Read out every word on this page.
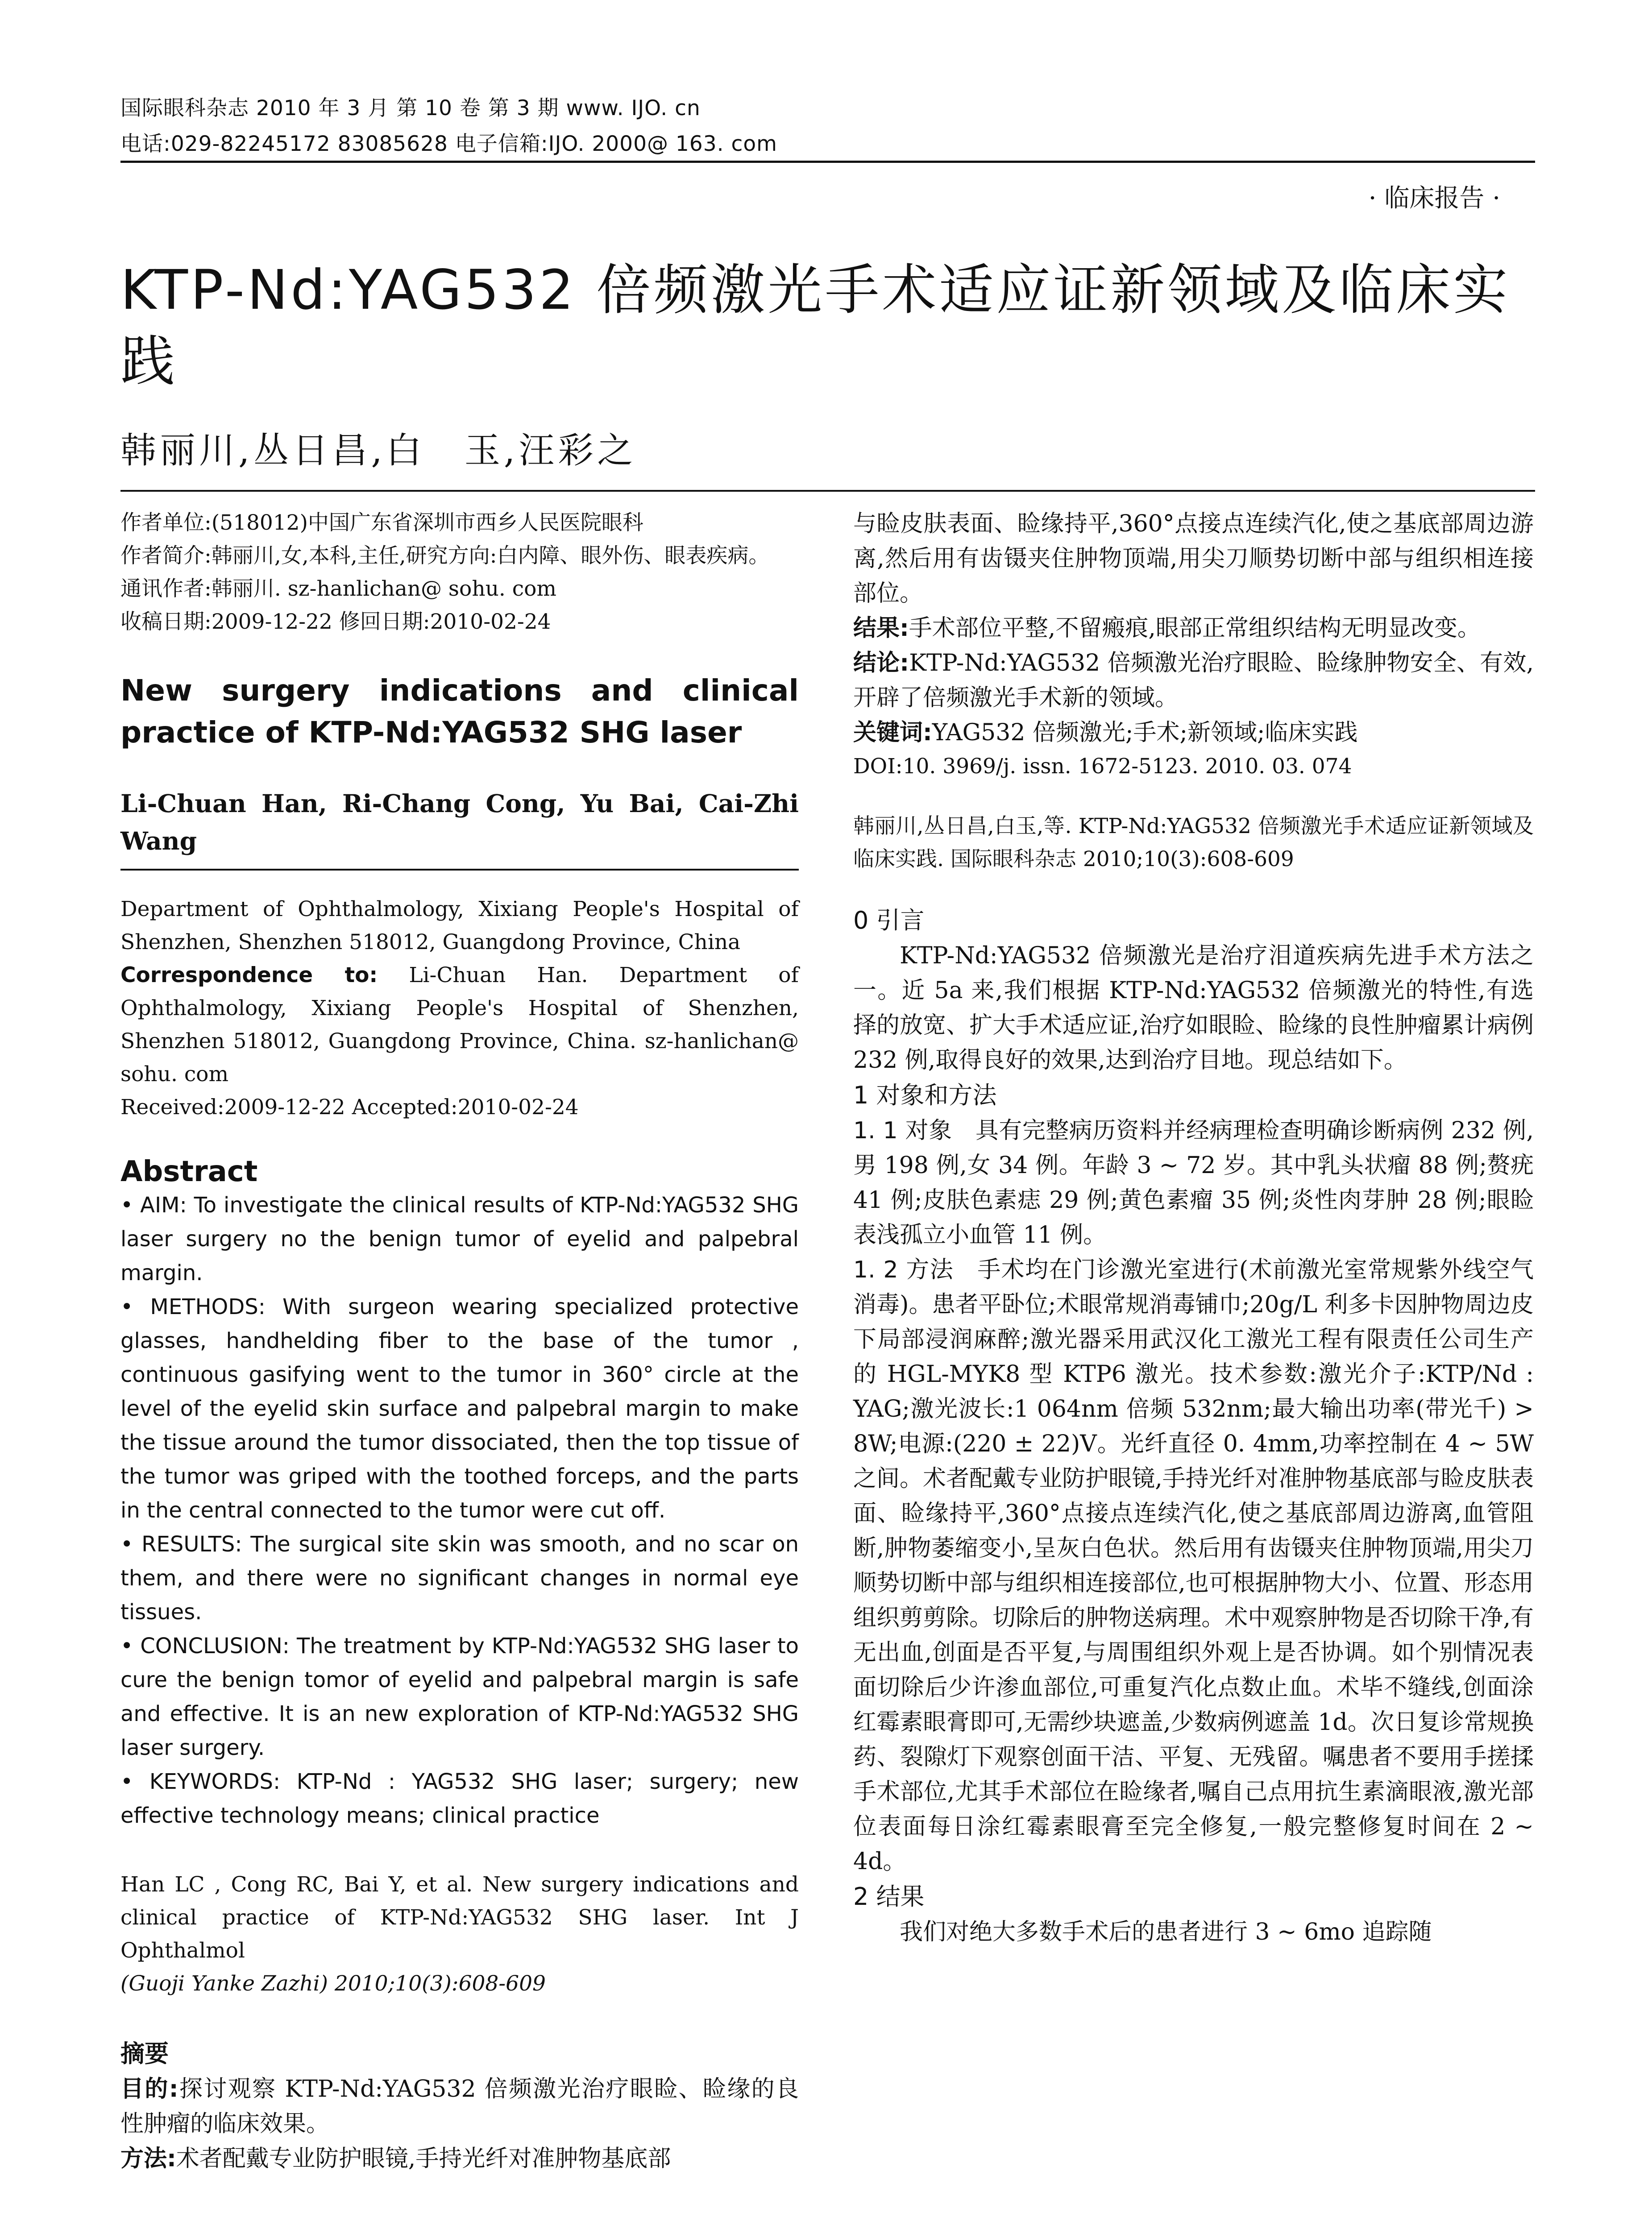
国际眼科杂志 2010 年 3 月 第 10 卷 第 3 期 www. IJO. cn
电话:029-82245172 83085628 电子信箱:IJO. 2000@ 163. com
· 临床报告 ·
KTP-Nd:YAG532 倍频激光手术适应证新领域及临床实践
韩丽川,丛日昌,白　玉,汪彩之

作者单位:(518012)中国广东省深圳市西乡人民医院眼科

作者简介:韩丽川,女,本科,主任,研究方向:白内障、眼外伤、眼表疾病。

通讯作者:韩丽川. sz-hanlichan@ sohu. com

收稿日期:2009-12-22 修回日期:2010-02-24

New surgery indications and clinical practice of KTP-Nd:YAG532 SHG laser

Li-Chuan Han, Ri-Chang Cong, Yu Bai, Cai-Zhi Wang

Department of Ophthalmology, Xixiang People's Hospital of Shenzhen, Shenzhen 518012, Guangdong Province, China

Correspondence to: Li-Chuan Han. Department of Ophthalmology, Xixiang People's Hospital of Shenzhen, Shenzhen 518012, Guangdong Province, China. sz-hanlichan@ sohu. com

Received:2009-12-22 Accepted:2010-02-24

Abstract

• AIM: To investigate the clinical results of KTP-Nd:YAG532 SHG laser surgery no the benign tumor of eyelid and palpebral margin.

• METHODS: With surgeon wearing specialized protective glasses, handhelding fiber to the base of the tumor , continuous gasifying went to the tumor in 360° circle at the level of the eyelid skin surface and palpebral margin to make the tissue around the tumor dissociated, then the top tissue of the tumor was griped with the toothed forceps, and the parts in the central connected to the tumor were cut off.

• RESULTS: The surgical site skin was smooth, and no scar on them, and there were no significant changes in normal eye tissues.

• CONCLUSION: The treatment by KTP-Nd:YAG532 SHG laser to cure the benign tomor of eyelid and palpebral margin is safe and effective. It is an new exploration of KTP-Nd:YAG532 SHG laser surgery.

• KEYWORDS: KTP-Nd : YAG532 SHG laser; surgery; new effective technology means; clinical practice

Han LC , Cong RC, Bai Y, et al. New surgery indications and clinical practice of KTP-Nd:YAG532 SHG laser. Int J Ophthalmol

(Guoji Yanke Zazhi) 2010;10(3):608-609

摘要

目的:探讨观察 KTP-Nd:YAG532 倍频激光治疗眼睑、睑缘的良性肿瘤的临床效果。

方法:术者配戴专业防护眼镜,手持光纤对准肿物基底部

与睑皮肤表面、睑缘持平,360°点接点连续汽化,使之基底部周边游离,然后用有齿镊夹住肿物顶端,用尖刀顺势切断中部与组织相连接部位。

结果:手术部位平整,不留瘢痕,眼部正常组织结构无明显改变。

结论:KTP-Nd:YAG532 倍频激光治疗眼睑、睑缘肿物安全、有效,开辟了倍频激光手术新的领域。

关键词:YAG532 倍频激光;手术;新领域;临床实践

DOI:10. 3969/j. issn. 1672-5123. 2010. 03. 074

韩丽川,丛日昌,白玉,等. KTP-Nd:YAG532 倍频激光手术适应证新领域及临床实践. 国际眼科杂志 2010;10(3):608-609

0 引言

KTP-Nd:YAG532 倍频激光是治疗泪道疾病先进手术方法之一。近 5a 来,我们根据 KTP-Nd:YAG532 倍频激光的特性,有选择的放宽、扩大手术适应证,治疗如眼睑、睑缘的良性肿瘤累计病例 232 例,取得良好的效果,达到治疗目地。现总结如下。

1 对象和方法

1. 1 对象　 具有完整病历资料并经病理检查明确诊断病例 232 例,男 198 例,女 34 例。年龄 3 ~ 72 岁。其中乳头状瘤 88 例;赘疣 41 例;皮肤色素痣 29 例;黄色素瘤 35 例;炎性肉芽肿 28 例;眼睑表浅孤立小血管 11 例。

1. 2 方法　 手术均在门诊激光室进行(术前激光室常规紫外线空气消毒)。患者平卧位;术眼常规消毒铺巾;20g/L 利多卡因肿物周边皮下局部浸润麻醉;激光器采用武汉化工激光工程有限责任公司生产的 HGL-MYK8 型 KTP6 激光。技术参数:激光介子:KTP/Nd : YAG;激光波长:1 064nm 倍频 532nm;最大输出功率(带光千) > 8W;电源:(220 ± 22)V。光纤直径 0. 4mm,功率控制在 4 ~ 5W 之间。术者配戴专业防护眼镜,手持光纤对准肿物基底部与睑皮肤表面、睑缘持平,360°点接点连续汽化,使之基底部周边游离,血管阻断,肿物萎缩变小,呈灰白色状。然后用有齿镊夹住肿物顶端,用尖刀顺势切断中部与组织相连接部位,也可根据肿物大小、位置、形态用组织剪剪除。切除后的肿物送病理。术中观察肿物是否切除干净,有无出血,创面是否平复,与周围组织外观上是否协调。如个别情况表面切除后少许渗血部位,可重复汽化点数止血。术毕不缝线,创面涂红霉素眼膏即可,无需纱块遮盖,少数病例遮盖 1d。次日复诊常规换药、裂隙灯下观察创面干洁、平复、无残留。嘱患者不要用手搓揉手术部位,尤其手术部位在睑缘者,嘱自己点用抗生素滴眼液,激光部位表面每日涂红霉素眼膏至完全修复,一般完整修复时间在 2 ~ 4d。

2 结果

我们对绝大多数手术后的患者进行 3 ~ 6mo 追踪随
